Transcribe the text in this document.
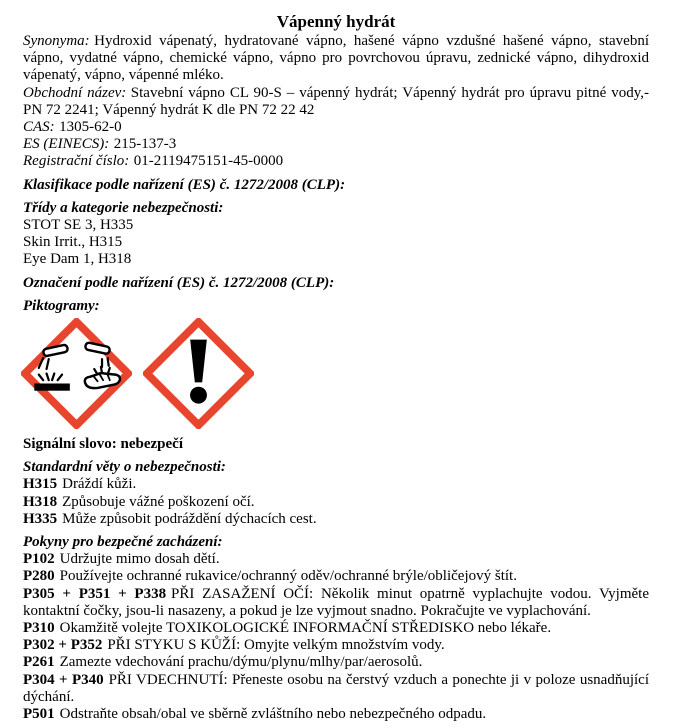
Vápenný hydrát

Synonyma: Hydroxid vápenatý, hydratované vápno, hašené vápno vzdušné hašené vápno, stavební vápno, vydatné vápno, chemické vápno, vápno pro povrchovou úpravu, zednické vápno, dihydroxid vápenatý, vápno, vápenné mléko.

Obchodní název: Stavební vápno CL 90-S – vápenný hydrát; Vápenný hydrát pro úpravu pitné vody,- PN 72 2241; Vápenný hydrát K dle PN 72 22 42

CAS: 1305-62-0

ES (EINECS): 215-137-3

Registrační číslo: 01-2119475151-45-0000

Klasifikace podle nařízení (ES) č. 1272/2008 (CLP):

Třídy a kategorie nebezpečnosti:

STOT SE 3, H335

Skin Irrit., H315

Eye Dam 1, H318

Označení podle nařízení (ES) č. 1272/2008 (CLP):

Piktogramy:

Signální slovo: nebezpečí

Standardní věty o nebezpečnosti:

H315 Dráždí kůži.

H318 Způsobuje vážné poškození očí.

H335 Může způsobit podráždění dýchacích cest.

Pokyny pro bezpečné zacházení:

P102 Udržujte mimo dosah dětí.

P280 Používejte ochranné rukavice/ochranný oděv/ochranné brýle/obličejový štít.

P305 + P351 + P338 PŘI ZASAŽENÍ OČÍ: Několik minut opatrně vyplachujte vodou. Vyjměte kontaktní čočky, jsou-li nasazeny, a pokud je lze vyjmout snadno. Pokračujte ve vyplachování.

P310 Okamžitě volejte TOXIKOLOGICKÉ INFORMAČNÍ STŘEDISKO nebo lékaře.

P302 + P352 PŘI STYKU S KŮŽÍ: Omyjte velkým množstvím vody.

P261 Zamezte vdechování prachu/dýmu/plynu/mlhy/par/aerosolů.

P304 + P340 PŘI VDECHNUTÍ: Přeneste osobu na čerstvý vzduch a ponechte ji v poloze usnadňující dýchání.

P501 Odstraňte obsah/obal ve sběrně zvláštního nebo nebezpečného odpadu.
